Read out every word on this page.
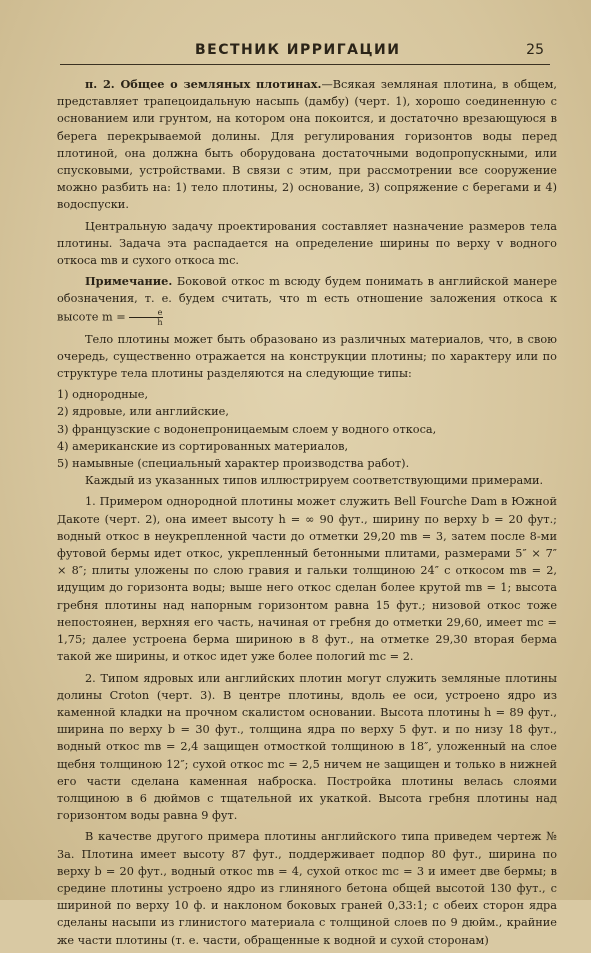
ВЕСТНИК ИРРИГАЦИИ	25

п. 2. Общее о земляных плотинах.—Всякая земляная плотина, в общем, представляет трапецоидальную насыпь (дамбу) (черт. 1), хорошо соединенную с основанием или грунтом, на котором она покоится, и достаточно врезающуюся в берега перекрываемой долины. Для регулирования горизонтов воды перед плотиной, она должна быть оборудована достаточными водопропускными, или спусковыми, устройствами. В связи с этим, при рассмотрении все сооружение можно разбить на: 1) тело плотины, 2) основание, 3) сопряжение с берегами и 4) водоспуски.

Центральную задачу проектирования составляет назначение размеров тела плотины. Задача эта распадается на определение ширины по верху v водного откоса mв и сухого откоса mс.

Примечание. Боковой откос m всюду будем понимать в английской манере обозначения, т. е. будем считать, что m есть отношение заложения откоса к высоте $m = \frac{e}{h}$

Тело плотины может быть образовано из различных материалов, что, в свою очередь, существенно отражается на конструкции плотины; по характеру или по структуре тела плотины разделяются на следующие типы:

1) однородные,
2) ядровые, или английские,
3) французские с водонепроницаемым слоем у водного откоса,
4) американские из сортированных материалов,
5) намывные (специальный характер производства работ).

Каждый из указанных типов иллюстрируем соответствующими примерами.

1. Примером однородной плотины может служить Bell Fourche Dam в Южной Дакоте (черт. 2), она имеет высоту h = ∞ 90 фут., ширину по верху b = 20 фут.; водный откос в неукрепленной части до отметки 29,20 mв = 3, затем после 8-ми футовой бермы идет откос, укрепленный бетонными плитами, размерами 5″ × 7″ × 8″; плиты уложены по слою гравия и гальки толщиною 24″ с откосом mв = 2, идущим до горизонта воды; выше него откос сделан более крутой mв = 1; высота гребня плотины над напорным горизонтом равна 15 фут.; низовой откос тоже непостоянен, верхняя его часть, начиная от гребня до отметки 29,60, имеет mс = 1,75; далее устроена берма шириною в 8 фут., на отметке 29,30 вторая берма такой же ширины, и откос идет уже более пологий mс = 2.

2. Типом ядровых или английских плотин могут служить земляные плотины долины Croton (черт. 3). В центре плотины, вдоль ее оси, устроено ядро из каменной кладки на прочном скалистом основании. Высота плотины h = 89 фут., ширина по верху b = 30 фут., толщина ядра по верху 5 фут. и по низу 18 фут., водный откос mв = 2,4 защищен отмосткой толщиною в 18″, уложенный на слое щебня толщиною 12″; сухой откос mс = 2,5 ничем не защищен и только в нижней его части сделана каменная наброска. Постройка плотины велась слоями толщиною в 6 дюймов с тщательной их укаткой. Высота гребня плотины над горизонтом воды равна 9 фут.

В качестве другого примера плотины английского типа приведем чертеж № 3а. Плотина имеет высоту 87 фут., поддерживает подпор 80 фут., ширина по верху b = 20 фут., водный откос mв = 4, сухой откос mс = 3 и имеет две бермы; в средине плотины устроено ядро из глиняного бетона общей высотой 130 фут., с шириной по верху 10 ф. и наклоном боковых граней 0,33:1; с обеих сторон ядра сделаны насыпи из глинистого материала с толщиной слоев по 9 дюйм., крайние же части плотины (т. е. части, обращенные к водной и сухой сторонам)
